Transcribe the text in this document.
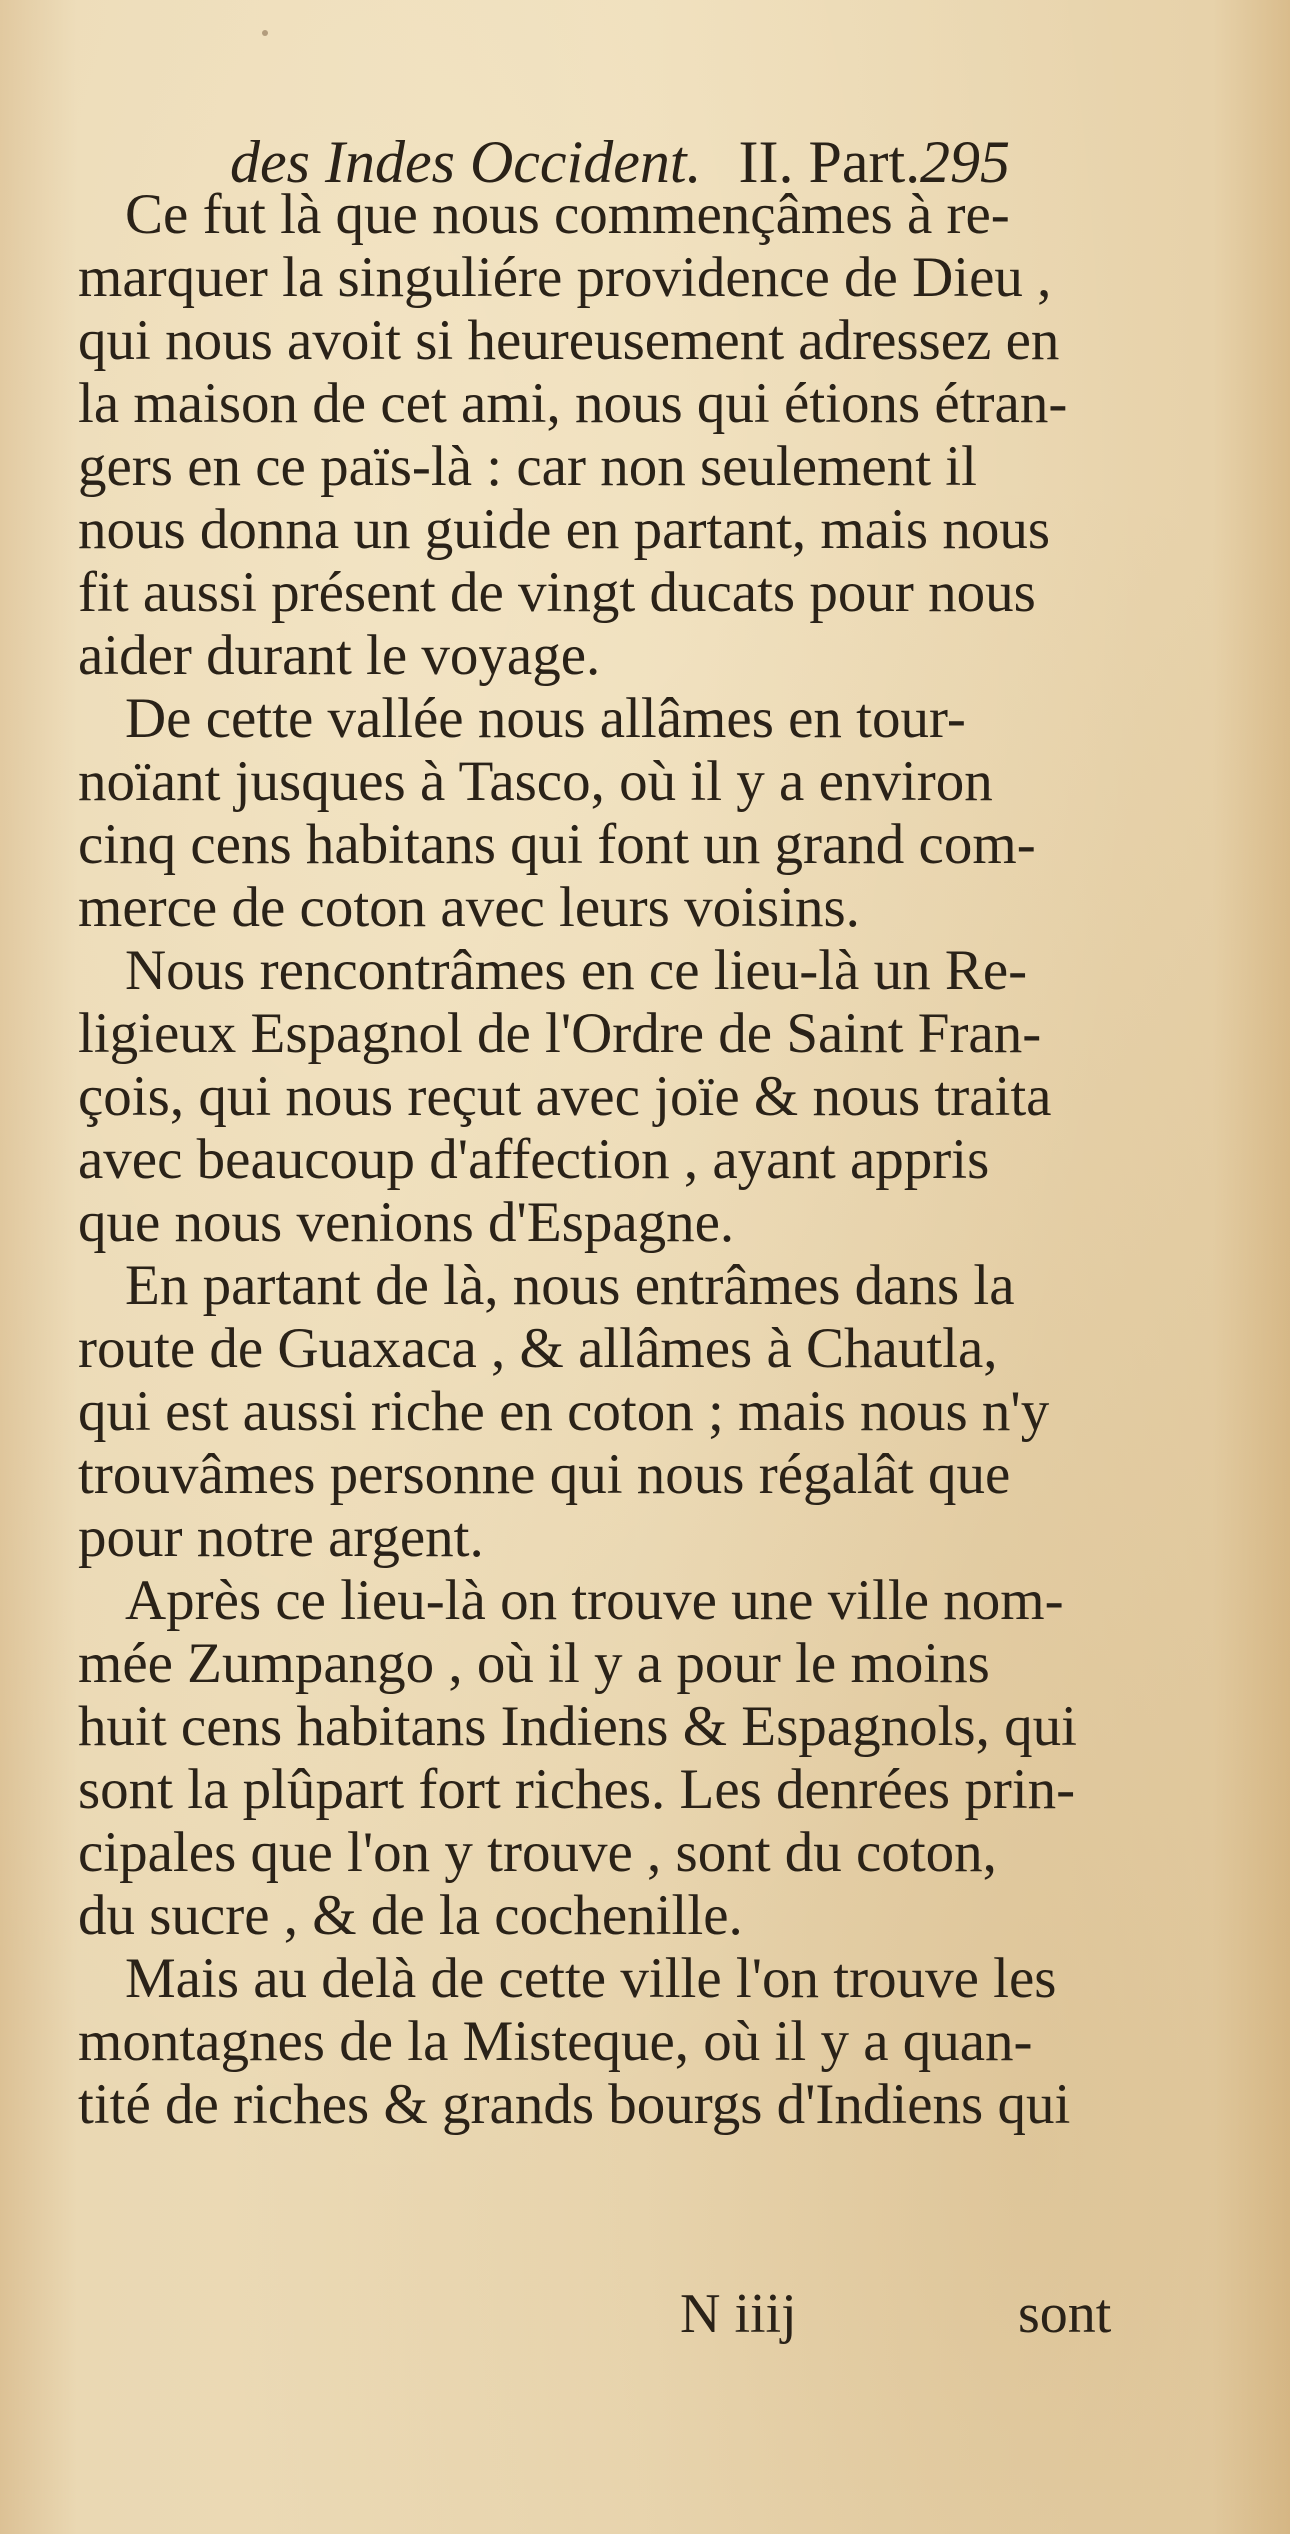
des Indes Occident. II. Part. 295
Ce fut là que nous commençâmes à re-
marquer la singuliére providence de Dieu ,
qui nous avoit si heureusement adressez en
la maison de cet ami, nous qui étions étran-
gers en ce païs-là : car non seulement il
nous donna un guide en partant, mais nous
fit aussi présent de vingt ducats pour nous
aider durant le voyage.
De cette vallée nous allâmes en tour-
noïant jusques à Tasco, où il y a environ
cinq cens habitans qui font un grand com-
merce de coton avec leurs voisins.
Nous rencontrâmes en ce lieu-là un Re-
ligieux Espagnol de l'Ordre de Saint Fran-
çois, qui nous reçut avec joïe & nous traita
avec beaucoup d'affection , ayant appris
que nous venions d'Espagne.
En partant de là, nous entrâmes dans la
route de Guaxaca , & allâmes à Chautla,
qui est aussi riche en coton ; mais nous n'y
trouvâmes personne qui nous régalât que
pour notre argent.
Après ce lieu-là on trouve une ville nom-
mée Zumpango , où il y a pour le moins
huit cens habitans Indiens & Espagnols, qui
sont la plûpart fort riches. Les denrées prin-
cipales que l'on y trouve , sont du coton,
du sucre , & de la cochenille.
Mais au delà de cette ville l'on trouve les
montagnes de la Misteque, où il y a quan-
tité de riches & grands bourgs d'Indiens qui
N iiij	sont
